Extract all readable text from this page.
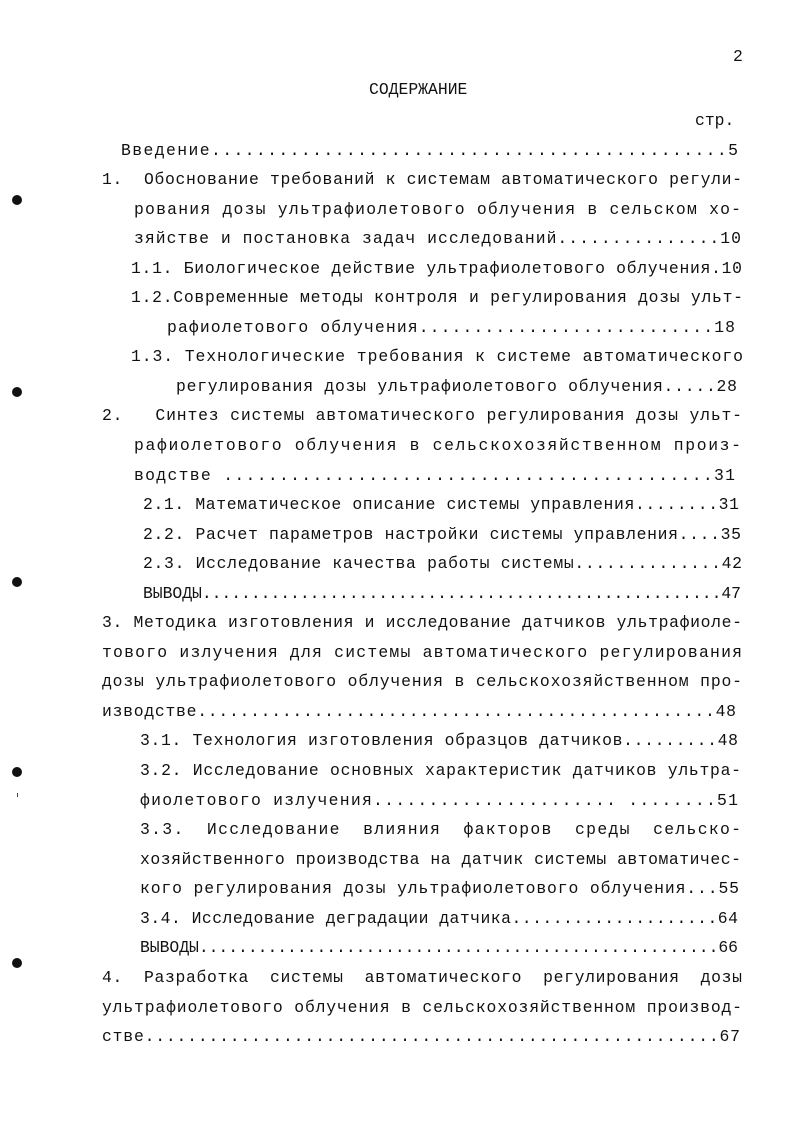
2
СОДЕРЖАНИЕ
стр.
Введение..............................................5
1.  Обоснование требований к системам автоматического регули-
рования дозы ультрафиолетового облучения в сельском хо-
зяйстве и постановка задач исследований...............10
1.1. Биологическое действие ультрафиолетового облучения.10
1.2.Современные методы контроля и регулирования дозы ульт-
рафиолетового облучения...........................18
1.3. Технологические требования к системе автоматического
регулирования дозы ультрафиолетового облучения.....28
2.   Синтез системы автоматического регулирования дозы ульт-
рафиолетового облучения в сельскохозяйственном произ-
водстве ............................................31
2.1. Математическое описание системы управления........31
2.2. Расчет параметров настройки системы управления....35
2.3. Исследование качества работы системы..............42
ВЫВОДЫ.....................................................47
3. Методика изготовления и исследование датчиков ультрафиоле-
тового излучения для системы автоматического регулирования
дозы ультрафиолетового облучения в сельскохозяйственном про-
изводстве.................................................48
3.1. Технология изготовления образцов датчиков.........48
3.2. Исследование основных характеристик датчиков ультра-
фиолетового излучения...................... ........51
3.3.  Исследование  влияния  факторов  среды  сельско-
хозяйственного производства на датчик системы автоматичес-
кого регулирования дозы ультрафиолетового облучения...55
3.4. Исследование деградации датчика....................64
ВЫВОДЫ.....................................................66
4.  Разработка  системы  автоматического  регулирования  дозы
ультрафиолетового облучения в сельскохозяйственном производ-
стве......................................................67
